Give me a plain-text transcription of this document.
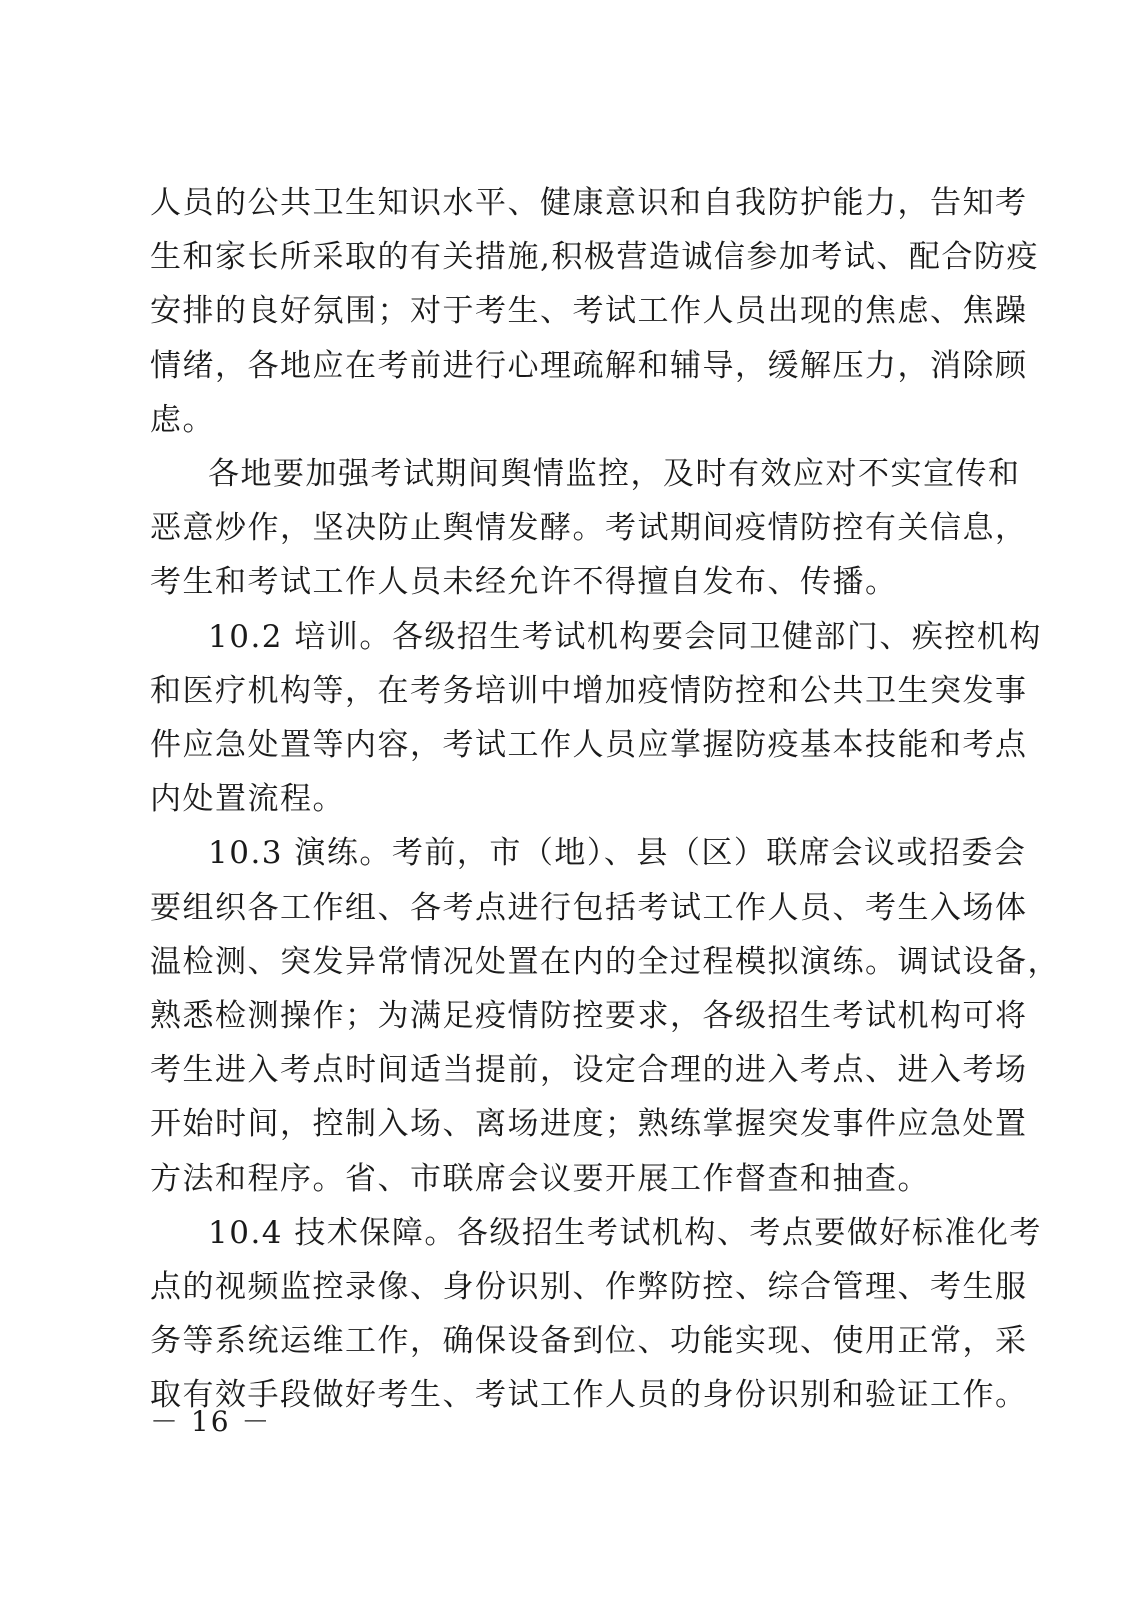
人员的公共卫生知识水平、健康意识和自我防护能力，告知考
生和家长所采取的有关措施,积极营造诚信参加考试、配合防疫
安排的良好氛围；对于考生、考试工作人员出现的焦虑、焦躁
情绪，各地应在考前进行心理疏解和辅导，缓解压力，消除顾
虑。

各地要加强考试期间舆情监控，及时有效应对不实宣传和
恶意炒作，坚决防止舆情发酵。考试期间疫情防控有关信息，
考生和考试工作人员未经允许不得擅自发布、传播。

10.2 培训。各级招生考试机构要会同卫健部门、疾控机构
和医疗机构等，在考务培训中增加疫情防控和公共卫生突发事
件应急处置等内容，考试工作人员应掌握防疫基本技能和考点
内处置流程。

10.3 演练。考前，市（地）、县（区）联席会议或招委会
要组织各工作组、各考点进行包括考试工作人员、考生入场体
温检测、突发异常情况处置在内的全过程模拟演练。调试设备，
熟悉检测操作；为满足疫情防控要求，各级招生考试机构可将
考生进入考点时间适当提前，设定合理的进入考点、进入考场
开始时间，控制入场、离场进度；熟练掌握突发事件应急处置
方法和程序。省、市联席会议要开展工作督查和抽查。

10.4 技术保障。各级招生考试机构、考点要做好标准化考
点的视频监控录像、身份识别、作弊防控、综合管理、考生服
务等系统运维工作，确保设备到位、功能实现、使用正常，采
取有效手段做好考生、考试工作人员的身份识别和验证工作。

－ 16 －
